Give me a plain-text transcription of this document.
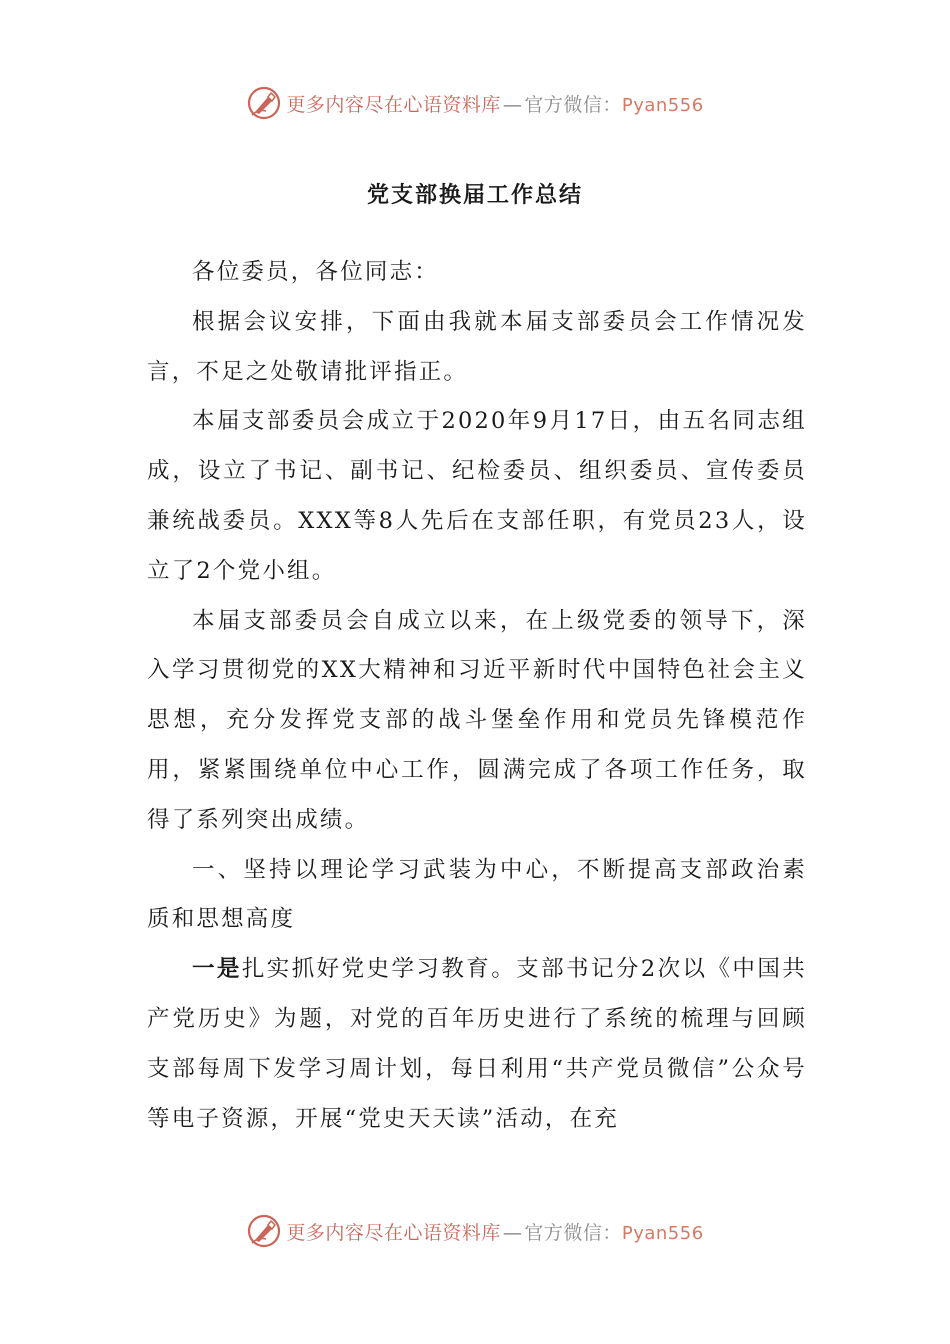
更多内容尽在心语资料库 — 官方微信：Pyan556
党支部换届工作总结

各位委员，各位同志：

根据会议安排，下面由我就本届支部委员会工作情况发言，不足之处敬请批评指正。

本届支部委员会成立于2020年9月17日，由五名同志组成，设立了书记、副书记、纪检委员、组织委员、宣传委员兼统战委员。XXX等8人先后在支部任职，有党员23人，设立了2个党小组。

本届支部委员会自成立以来，在上级党委的领导下，深入学习贯彻党的XX大精神和习近平新时代中国特色社会主义思想，充分发挥党支部的战斗堡垒作用和党员先锋模范作用，紧紧围绕单位中心工作，圆满完成了各项工作任务，取得了系列突出成绩。

一、坚持以理论学习武装为中心，不断提高支部政治素质和思想高度

一是扎实抓好党史学习教育。支部书记分2次以《中国共产党历史》为题，对党的百年历史进行了系统的梳理与回顾支部每周下发学习周计划，每日利用“共产党员微信”公众号等电子资源，开展“党史天天读”活动，在充

更多内容尽在心语资料库 — 官方微信：Pyan556
